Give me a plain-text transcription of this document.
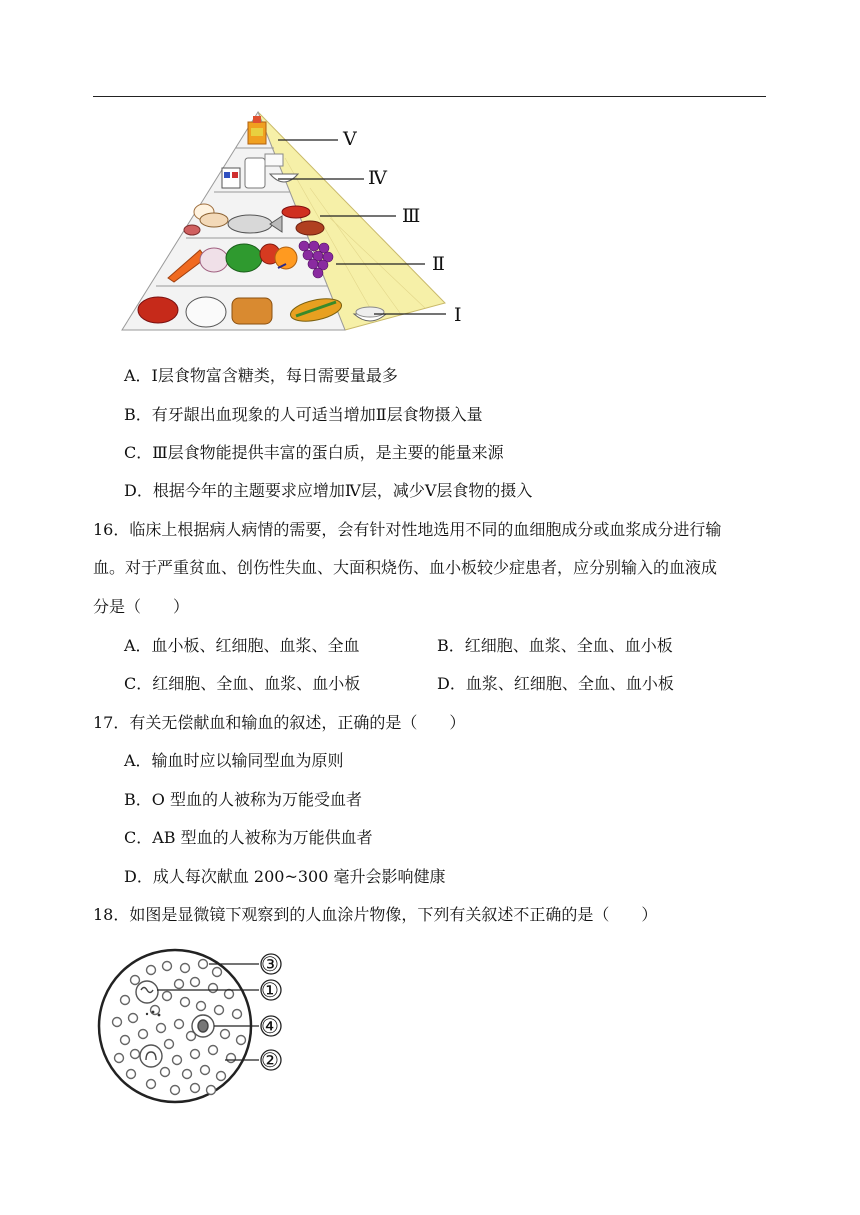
Ⅴ
Ⅳ
Ⅲ
Ⅱ
Ⅰ
A．Ⅰ层食物富含糖类，每日需要量最多
B．有牙龈出血现象的人可适当增加Ⅱ层食物摄入量
C．Ⅲ层食物能提供丰富的蛋白质，是主要的能量来源
D．根据今年的主题要求应增加Ⅳ层，减少Ⅴ层食物的摄入
16．临床上根据病人病情的需要，会有针对性地选用不同的血细胞成分或血浆成分进行输
血。对于严重贫血、创伤性失血、大面积烧伤、血小板较少症患者，应分别输入的血液成
分是（　　）
A．血小板、红细胞、血浆、全血	B．红细胞、血浆、全血、血小板
C．红细胞、全血、血浆、血小板	D．血浆、红细胞、全血、血小板
17．有关无偿献血和输血的叙述，正确的是（　　）
A．输血时应以输同型血为原则
B．O 型血的人被称为万能受血者
C．AB 型血的人被称为万能供血者
D．成人每次献血 200~300 毫升会影响健康
18．如图是显微镜下观察到的人血涂片物像，下列有关叙述不正确的是（　　）
③
①
④
②
